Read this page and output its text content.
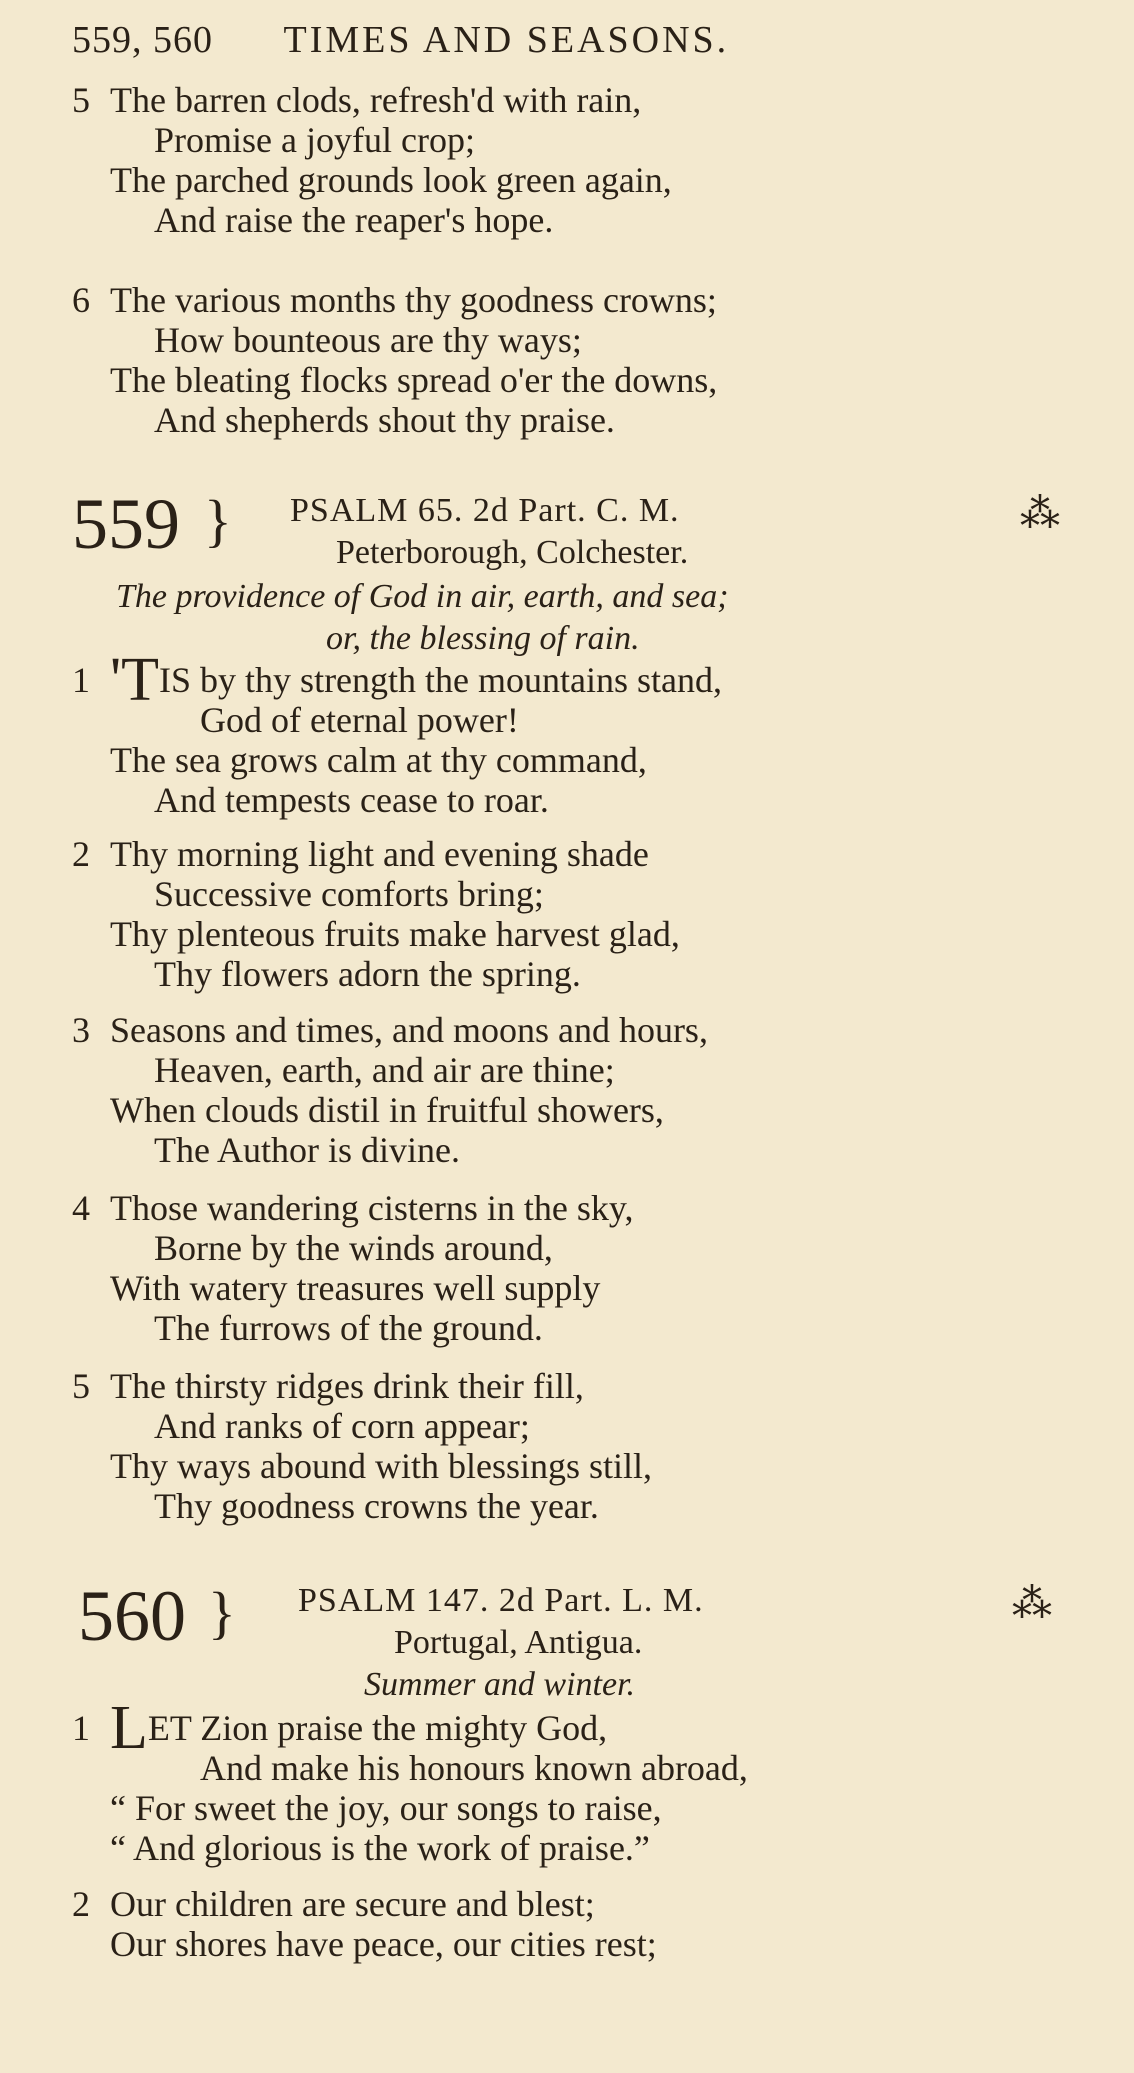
559, 560 TIMES AND SEASONS.
5 The barren clods, refresh'd with rain,
Promise a joyful crop;
The parched grounds look green again,
And raise the reaper's hope.
6 The various months thy goodness crowns;
How bounteous are thy ways;
The bleating flocks spread o'er the downs,
And shepherds shout thy praise.
559 } PSALM 65. 2d Part. C. M.	⁂
Peterborough, Colchester.
The providence of God in air, earth, and sea;
or, the blessing of rain.
1 'TIS by thy strength the mountains stand,
God of eternal power!
The sea grows calm at thy command,
And tempests cease to roar.
2 Thy morning light and evening shade
Successive comforts bring;
Thy plenteous fruits make harvest glad,
Thy flowers adorn the spring.
3 Seasons and times, and moons and hours,
Heaven, earth, and air are thine;
When clouds distil in fruitful showers,
The Author is divine.
4 Those wandering cisterns in the sky,
Borne by the winds around,
With watery treasures well supply
The furrows of the ground.
5 The thirsty ridges drink their fill,
And ranks of corn appear;
Thy ways abound with blessings still,
Thy goodness crowns the year.
560 } PSALM 147. 2d Part. L. M.	⁂
Portugal, Antigua.
Summer and winter.
1 LET Zion praise the mighty God,
And make his honours known abroad,
“ For sweet the joy, our songs to raise,
“ And glorious is the work of praise.”
2 Our children are secure and blest;
Our shores have peace, our cities rest;
